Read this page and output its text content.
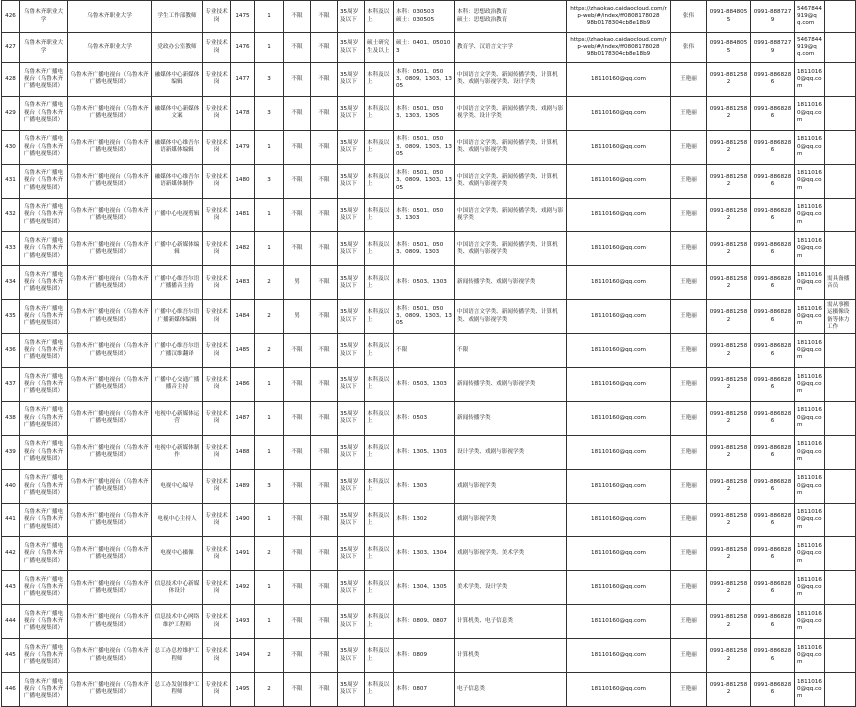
426	乌鲁木齐职业大学	乌鲁木齐职业大学	学生工作部教师	专业技术岗	1475	1	不限	不限	35周岁及以下	本科及以上	本科：030503
硕士：030505	本科：思想政治教育
硕士：思想政治教育	https://zhaokao.caidaocloud.com/rp-web/#/index/ff0808178028
98b0178304cb8e18b9	张伟	0991-8848055	0991-8887279	5467844919@qq.com	
427	乌鲁木齐职业大学	乌鲁木齐职业大学	党政办公室教师	专业技术岗	1476	1	不限	不限	35周岁及以下	硕士研究生及以上	硕士：0401、050103	教育学、汉语言文字学	https://zhaokao.caidaocloud.com/rp-web/#/index/ff0808178028
98b0178304cb8e18b9	张伟	0991-8848055	0991-8887279	5467844919@qq.com	
428	乌鲁木齐广播电视台（乌鲁木齐广播电视集团）	乌鲁木齐广播电视台（乌鲁木齐广播电视集团）	融媒体中心新媒体编辑	专业技术岗	1477	3	不限	不限	35周岁及以下	本科及以上	本科：0501、0503、0809、1303、1305	中国语言文学类、新闻传播学类、计算机类、戏剧与影视学类、设计学类	18110160@qq.com	王艳丽	0991-8812582	0991-8868286	18110160@qq.com	
429	乌鲁木齐广播电视台（乌鲁木齐广播电视集团）	乌鲁木齐广播电视台（乌鲁木齐广播电视集团）	融媒体中心新媒体文案	专业技术岗	1478	3	不限	不限	35周岁及以下	本科及以上	本科：0501、0503、1303、1305	中国语言文学类、新闻传播学类、戏剧与影视学类、设计学类	18110160@qq.com	王艳丽	0991-8812582	0991-8868286	18110160@qq.com	
430	乌鲁木齐广播电视台（乌鲁木齐广播电视集团）	乌鲁木齐广播电视台（乌鲁木齐广播电视集团）	融媒体中心维吾尔语新媒体编辑	专业技术岗	1479	1	不限	不限	35周岁及以下	本科及以上	本科：0501、0503、0809、1303、1305	中国语言文学类、新闻传播学类、计算机类、戏剧与影视学类	18110160@qq.com	王艳丽	0991-8812582	0991-8868286	18110160@qq.com	
431	乌鲁木齐广播电视台（乌鲁木齐广播电视集团）	乌鲁木齐广播电视台（乌鲁木齐广播电视集团）	融媒体中心维吾尔语新媒体制作	专业技术岗	1480	3	不限	不限	35周岁及以下	本科及以上	本科：0501、0503、0809、1303、1305	中国语言文学类、新闻传播学类、计算机类、戏剧与影视学类	18110160@qq.com	王艳丽	0991-8812582	0991-8868286	18110160@qq.com	
432	乌鲁木齐广播电视台（乌鲁木齐广播电视集团）	乌鲁木齐广播电视台（乌鲁木齐广播电视集团）	广播中心电视剪辑	专业技术岗	1481	1	不限	不限	35周岁及以下	本科及以上	本科：0501、0503、1303	中国语言文学类、新闻传播学类、戏剧与影视学类	18110160@qq.com	王艳丽	0991-8812582	0991-8868286	18110160@qq.com	
433	乌鲁木齐广播电视台（乌鲁木齐广播电视集团）	乌鲁木齐广播电视台（乌鲁木齐广播电视集团）	广播中心新媒体编辑	专业技术岗	1482	1	不限	不限	35周岁及以下	本科及以上	本科：0501、0503、0809、1303	中国语言文学类、新闻传播学类、计算机类、戏剧与影视学类	18110160@qq.com	王艳丽	0991-8812582	0991-8868286	18110160@qq.com	
434	乌鲁木齐广播电视台（乌鲁木齐广播电视集团）	乌鲁木齐广播电视台（乌鲁木齐广播电视集团）	广播中心维吾尔语广播播音主持	专业技术岗	1483	2	男	不限	35周岁及以下	本科及以上	本科：0503、1303	新闻传播学类、戏剧与影视学类	18110160@qq.com	王艳丽	0991-8812582	0991-8868286	18110160@qq.com	需具备播音员
435	乌鲁木齐广播电视台（乌鲁木齐广播电视集团）	乌鲁木齐广播电视台（乌鲁木齐广播电视集团）	广播中心维吾尔语广播新媒体编辑	专业技术岗	1484	2	男	不限	35周岁及以下	本科及以上	本科：0501、0503、0809、1303、1305	中国语言文学类、新闻传播学类、计算机类、戏剧与影视学类	18110160@qq.com	王艳丽	0991-8812582	0991-8868286	18110160@qq.com	需从事搬运摄像设备等体力工作
436	乌鲁木齐广播电视台（乌鲁木齐广播电视集团）	乌鲁木齐广播电视台（乌鲁木齐广播电视集团）	广播中心维吾尔语广播汉维翻译	专业技术岗	1485	2	不限	不限	35周岁及以下	本科及以上	不限	不限	18110160@qq.com	王艳丽	0991-8812582	0991-8868286	18110160@qq.com	
437	乌鲁木齐广播电视台（乌鲁木齐广播电视集团）	乌鲁木齐广播电视台（乌鲁木齐广播电视集团）	广播中心交通广播播音主持	专业技术岗	1486	1	不限	不限	35周岁及以下	本科及以上	本科：0503、1303	新闻传播学类、戏剧与影视学类	18110160@qq.com	王艳丽	0991-8812582	0991-8868286	18110160@qq.com	
438	乌鲁木齐广播电视台（乌鲁木齐广播电视集团）	乌鲁木齐广播电视台（乌鲁木齐广播电视集团）	电视中心新媒体运营	专业技术岗	1487	1	不限	不限	35周岁及以下	本科及以上	本科：0503	新闻传播学类	18110160@qq.com	王艳丽	0991-8812582	0991-8868286	18110160@qq.com	
439	乌鲁木齐广播电视台（乌鲁木齐广播电视集团）	乌鲁木齐广播电视台（乌鲁木齐广播电视集团）	电视中心新媒体制作	专业技术岗	1488	1	不限	不限	35周岁及以下	本科及以上	本科：1305、1303	设计学类、戏剧与影视学类	18110160@qq.com	王艳丽	0991-8812582	0991-8868286	18110160@qq.com	
440	乌鲁木齐广播电视台（乌鲁木齐广播电视集团）	乌鲁木齐广播电视台（乌鲁木齐广播电视集团）	电视中心编导	专业技术岗	1489	3	不限	不限	35周岁及以下	本科及以上	本科：1303	戏剧与影视学类	18110160@qq.com	王艳丽	0991-8812582	0991-8868286	18110160@qq.com	
441	乌鲁木齐广播电视台（乌鲁木齐广播电视集团）	乌鲁木齐广播电视台（乌鲁木齐广播电视集团）	电视中心主持人	专业技术岗	1490	1	不限	不限	35周岁及以下	本科及以上	本科：1302	戏剧与影视学类	18110160@qq.com	王艳丽	0991-8812582	0991-8868286	18110160@qq.com	
442	乌鲁木齐广播电视台（乌鲁木齐广播电视集团）	乌鲁木齐广播电视台（乌鲁木齐广播电视集团）	电视中心摄像	专业技术岗	1491	2	不限	不限	35周岁及以下	本科及以上	本科：1303、1304	戏剧与影视学类、美术学类	18110160@qq.com	王艳丽	0991-8812582	0991-8868286	18110160@qq.com	
443	乌鲁木齐广播电视台（乌鲁木齐广播电视集团）	乌鲁木齐广播电视台（乌鲁木齐广播电视集团）	信息技术中心新媒体设计	专业技术岗	1492	1	不限	不限	35周岁及以下	本科及以上	本科：1304、1305	美术学类、设计学类	18110160@qq.com	王艳丽	0991-8812582	0991-8868286	18110160@qq.com	
444	乌鲁木齐广播电视台（乌鲁木齐广播电视集团）	乌鲁木齐广播电视台（乌鲁木齐广播电视集团）	信息技术中心网络维护工程师	专业技术岗	1493	1	不限	不限	35周岁及以下	本科及以上	本科：0809、0807	计算机类、电子信息类	18110160@qq.com	王艳丽	0991-8812582	0991-8868286	18110160@qq.com	
445	乌鲁木齐广播电视台（乌鲁木齐广播电视集团）	乌鲁木齐广播电视台（乌鲁木齐广播电视集团）	总工办总控维护工程师	专业技术岗	1494	2	不限	不限	35周岁及以下	本科及以上	本科：0809	计算机类	18110160@qq.com	王艳丽	0991-8812582	0991-8868286	18110160@qq.com	
446	乌鲁木齐广播电视台（乌鲁木齐广播电视集团）	乌鲁木齐广播电视台（乌鲁木齐广播电视集团）	总工办发射维护工程师	专业技术岗	1495	2	不限	不限	35周岁及以下	本科及以上	本科：0807	电子信息类	18110160@qq.com	王艳丽	0991-8812582	0991-8868286	18110160@qq.com	
